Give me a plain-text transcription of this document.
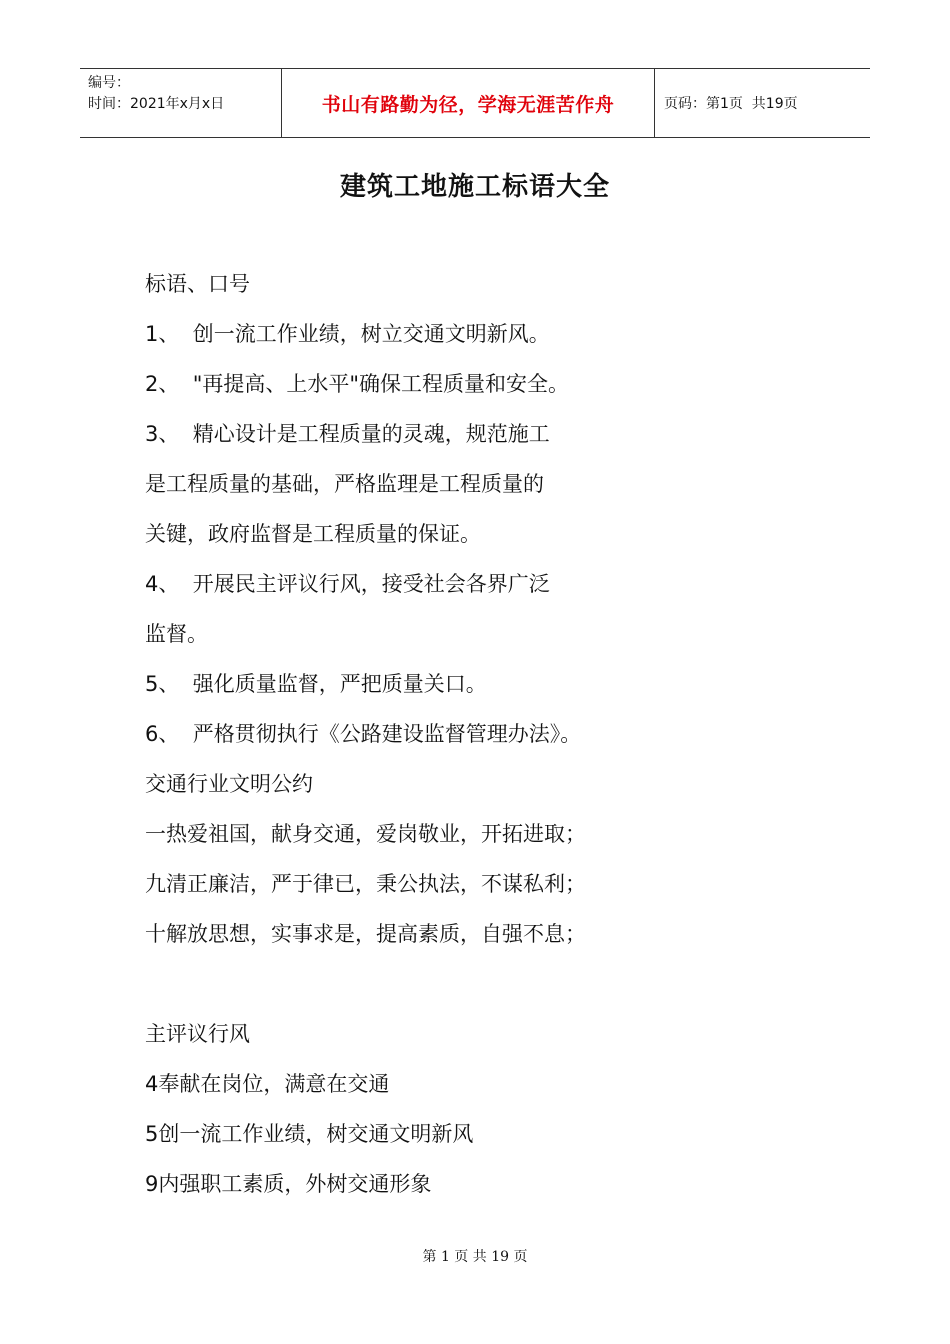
编号：
时间：2021年x月x日	书山有路勤为径，学海无涯苦作舟	页码：第1页  共19页
建筑工地施工标语大全
标语、口号
1、  创一流工作业绩，树立交通文明新风。
2、  "再提高、上水平"确保工程质量和安全。
3、  精心设计是工程质量的灵魂，规范施工
是工程质量的基础，严格监理是工程质量的
关键，政府监督是工程质量的保证。
4、  开展民主评议行风，接受社会各界广泛
监督。
5、  强化质量监督，严把质量关口。
6、  严格贯彻执行《公路建设监督管理办法》。
交通行业文明公约
一热爱祖国，献身交通，爱岗敬业，开拓进取；
九清正廉洁，严于律已，秉公执法，不谋私利；
十解放思想，实事求是，提高素质，自强不息；
主评议行风
4奉献在岗位，满意在交通
5创一流工作业绩，树交通文明新风
9内强职工素质，外树交通形象
第 1 页 共 19 页
